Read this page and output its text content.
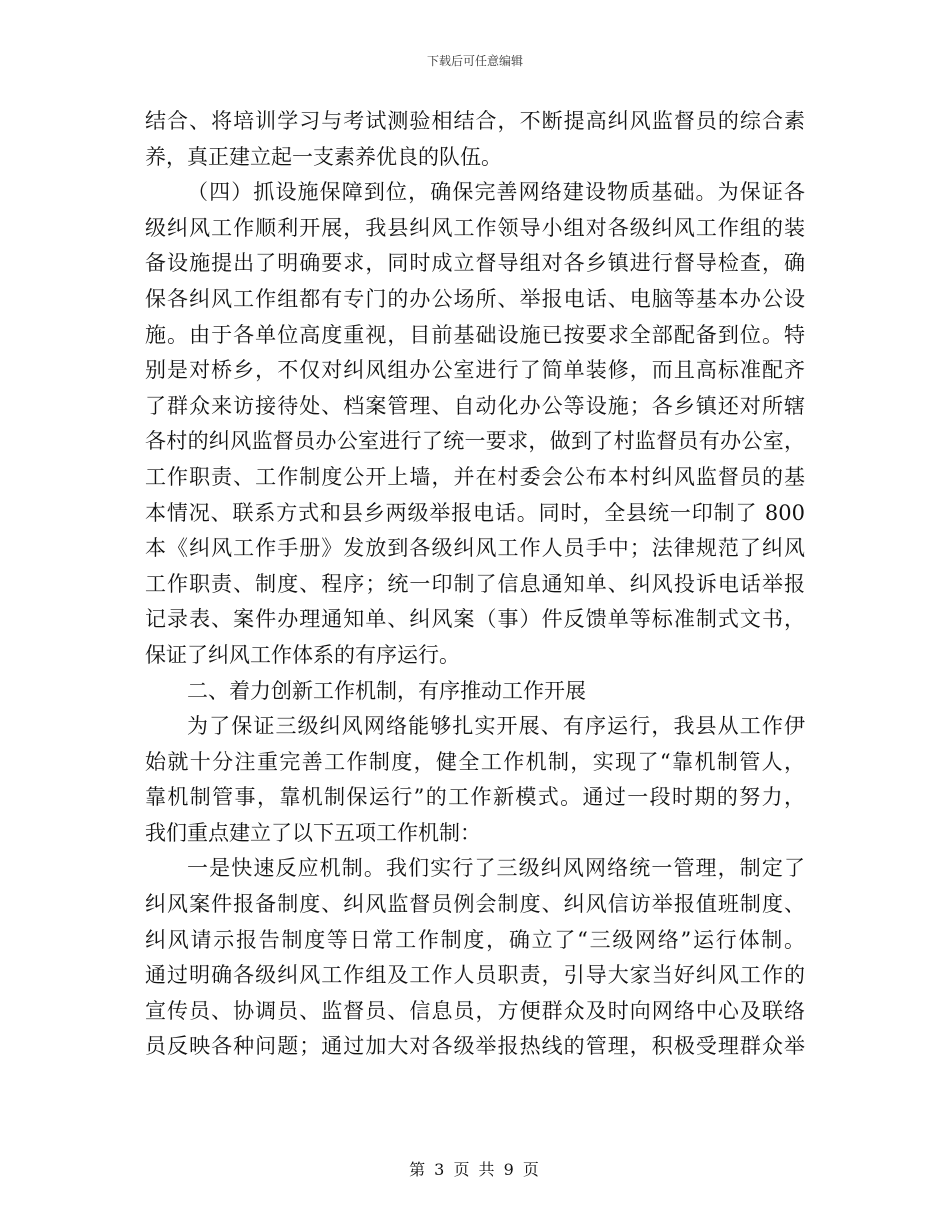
下载后可任意编辑
结合、将培训学习与考试测验相结合，不断提高纠风监督员的综合素
养，真正建立起一支素养优良的队伍。
（四）抓设施保障到位，确保完善网络建设物质基础。为保证各
级纠风工作顺利开展，我县纠风工作领导小组对各级纠风工作组的装
备设施提出了明确要求，同时成立督导组对各乡镇进行督导检查，确
保各纠风工作组都有专门的办公场所、举报电话、电脑等基本办公设
施。由于各单位高度重视，目前基础设施已按要求全部配备到位。特
别是对桥乡，不仅对纠风组办公室进行了简单装修，而且高标准配齐
了群众来访接待处、档案管理、自动化办公等设施；各乡镇还对所辖
各村的纠风监督员办公室进行了统一要求，做到了村监督员有办公室，
工作职责、工作制度公开上墙，并在村委会公布本村纠风监督员的基
本情况、联系方式和县乡两级举报电话。同时，全县统一印制了 800
本《纠风工作手册》发放到各级纠风工作人员手中；法律规范了纠风
工作职责、制度、程序；统一印制了信息通知单、纠风投诉电话举报
记录表、案件办理通知单、纠风案（事）件反馈单等标准制式文书，
保证了纠风工作体系的有序运行。
二、着力创新工作机制，有序推动工作开展
为了保证三级纠风网络能够扎实开展、有序运行，我县从工作伊
始就十分注重完善工作制度，健全工作机制，实现了“靠机制管人，
靠机制管事，靠机制保运行”的工作新模式。通过一段时期的努力，
我们重点建立了以下五项工作机制：
一是快速反应机制。我们实行了三级纠风网络统一管理，制定了
纠风案件报备制度、纠风监督员例会制度、纠风信访举报值班制度、
纠风请示报告制度等日常工作制度，确立了“三级网络”运行体制。
通过明确各级纠风工作组及工作人员职责，引导大家当好纠风工作的
宣传员、协调员、监督员、信息员，方便群众及时向网络中心及联络
员反映各种问题；通过加大对各级举报热线的管理，积极受理群众举
第 3 页 共 9 页
